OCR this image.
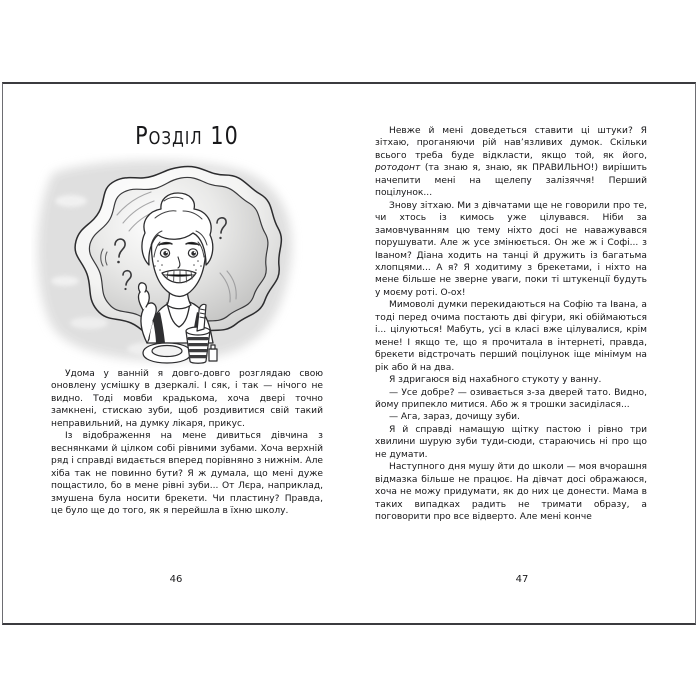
Розділ 10

Удома у ванній я довго-довго розглядаю свою оновлену усмішку в дзеркалі. І сяк, і так — нічого не видно. Тоді мовби крадькома, хоча двері точно замкнені, стискаю зуби, щоб роздивитися свій такий неправильний, на думку лікаря, прикус.

Із відображення на мене дивиться дівчина з веснянками й цілком собі рівними зубами. Хоча верхній ряд і справді видається вперед порівняно з нижнім. Але хіба так не повинно бути? Я ж думала, що мені дуже пощастило, бо в мене рівні зуби... От Лєра, наприклад, змушена була носити брекети. Чи пластину? Правда, це було ще до того, як я перейшла в їхню школу.

46

Невже й мені доведеться ставити ці штуки? Я зітхаю, проганяючи рій нав’язливих думок. Скільки всього треба буде відкласти, якщо той, як його, ротодонт (та знаю я, знаю, як ПРАВИЛЬНО!) вирішить начепити мені на щелепу залізяччя! Перший поцілунок...

Знову зітхаю. Ми з дівчатами ще не говорили про те, чи хтось із кимось уже цілувався. Ніби за замовчуванням цю тему ніхто досі не наважувався порушувати. Але ж усе змінюється. Он же ж і Софі... з Іваном? Діана ходить на танці й дружить із багатьма хлопцями... А я? Я ходитиму з брекетами, і ніхто на мене більше не зверне уваги, поки ті штукенції будуть у моєму роті. О-ох!

Мимоволі думки перекидаються на Софію та Івана, а тоді перед очима постають дві фігури, які обіймаються і... цілуються! Мабуть, усі в класі вже цілувалися, крім мене! І якщо те, що я прочитала в інтернеті, правда, брекети відстрочать перший поцілунок іще мінімум на рік або й на два.

Я здригаюся від нахабного стукоту у ванну.

— Усе добре? — озивається з-за дверей тато. Видно, йому припекло митися. Або ж я трошки засиділася...

— Ага, зараз, дочищу зуби.

Я й справді намащую щітку пастою і рівно три хвилини шурую зуби туди-сюди, стараючись ні про що не думати.

Наступного дня мушу йти до школи — моя вчорашня відмазка більше не працює. На дівчат досі ображаюся, хоча не можу придумати, як до них це донести. Мама в таких випадках радить не тримати образу, а поговорити про все відверто. Але мені конче

47
